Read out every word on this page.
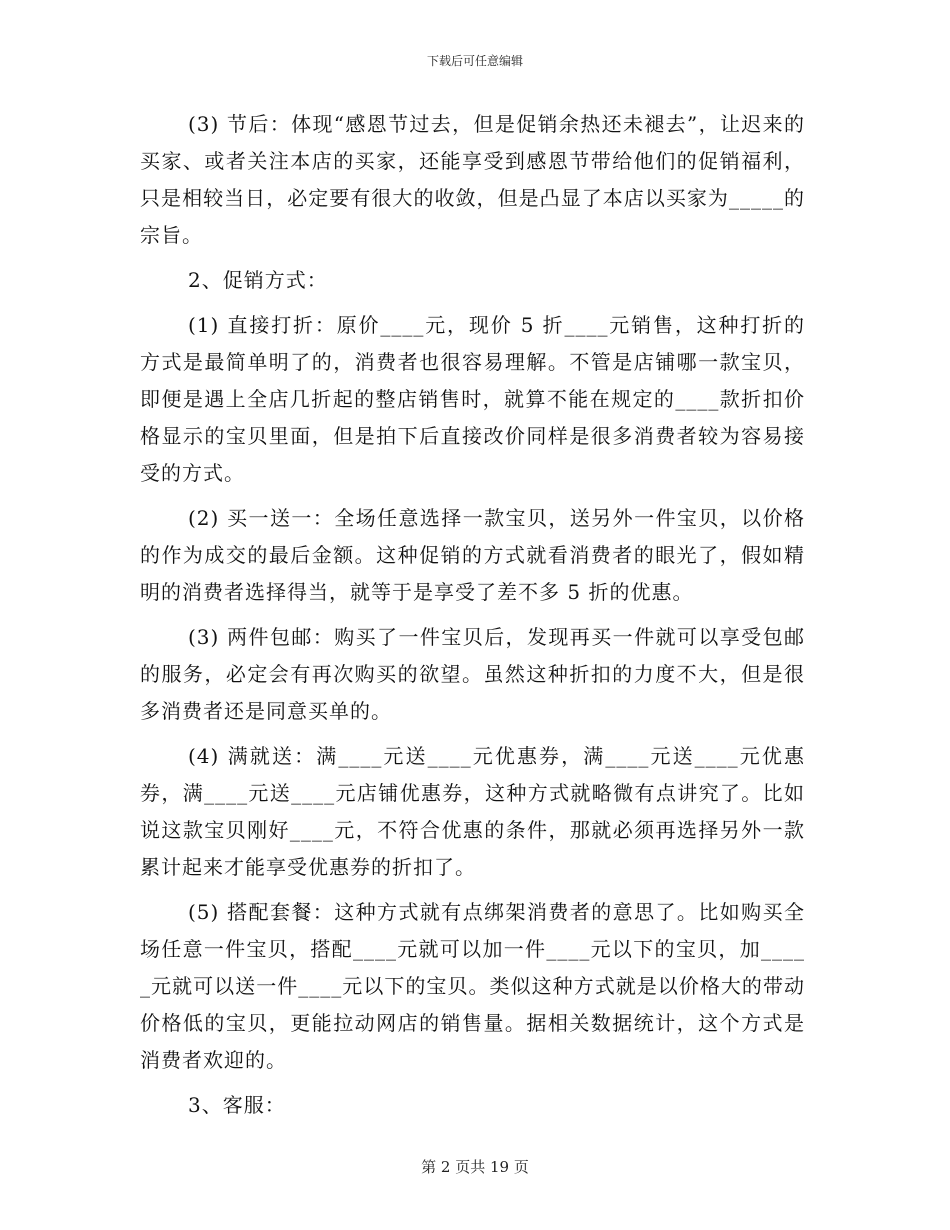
下载后可任意编辑

(3) 节后：体现“感恩节过去，但是促销余热还未褪去”，让迟来的买家、或者关注本店的买家，还能享受到感恩节带给他们的促销福利，只是相较当日，必定要有很大的收敛，但是凸显了本店以买家为_____的宗旨。

2、促销方式：

(1) 直接打折：原价____元，现价 5 折____元销售，这种打折的方式是最简单明了的，消费者也很容易理解。不管是店铺哪一款宝贝，即便是遇上全店几折起的整店销售时，就算不能在规定的____款折扣价格显示的宝贝里面，但是拍下后直接改价同样是很多消费者较为容易接受的方式。

(2) 买一送一：全场任意选择一款宝贝，送另外一件宝贝，以价格的作为成交的最后金额。这种促销的方式就看消费者的眼光了，假如精明的消费者选择得当，就等于是享受了差不多 5 折的优惠。

(3) 两件包邮：购买了一件宝贝后，发现再买一件就可以享受包邮的服务，必定会有再次购买的欲望。虽然这种折扣的力度不大，但是很多消费者还是同意买单的。

(4) 满就送：满____元送____元优惠券，满____元送____元优惠券，满____元送____元店铺优惠券，这种方式就略微有点讲究了。比如说这款宝贝刚好____元，不符合优惠的条件，那就必须再选择另外一款累计起来才能享受优惠券的折扣了。

(5) 搭配套餐：这种方式就有点绑架消费者的意思了。比如购买全场任意一件宝贝，搭配____元就可以加一件____元以下的宝贝，加_____元就可以送一件____元以下的宝贝。类似这种方式就是以价格大的带动价格低的宝贝，更能拉动网店的销售量。据相关数据统计，这个方式是消费者欢迎的。

3、客服：

第 2 页共 19 页
